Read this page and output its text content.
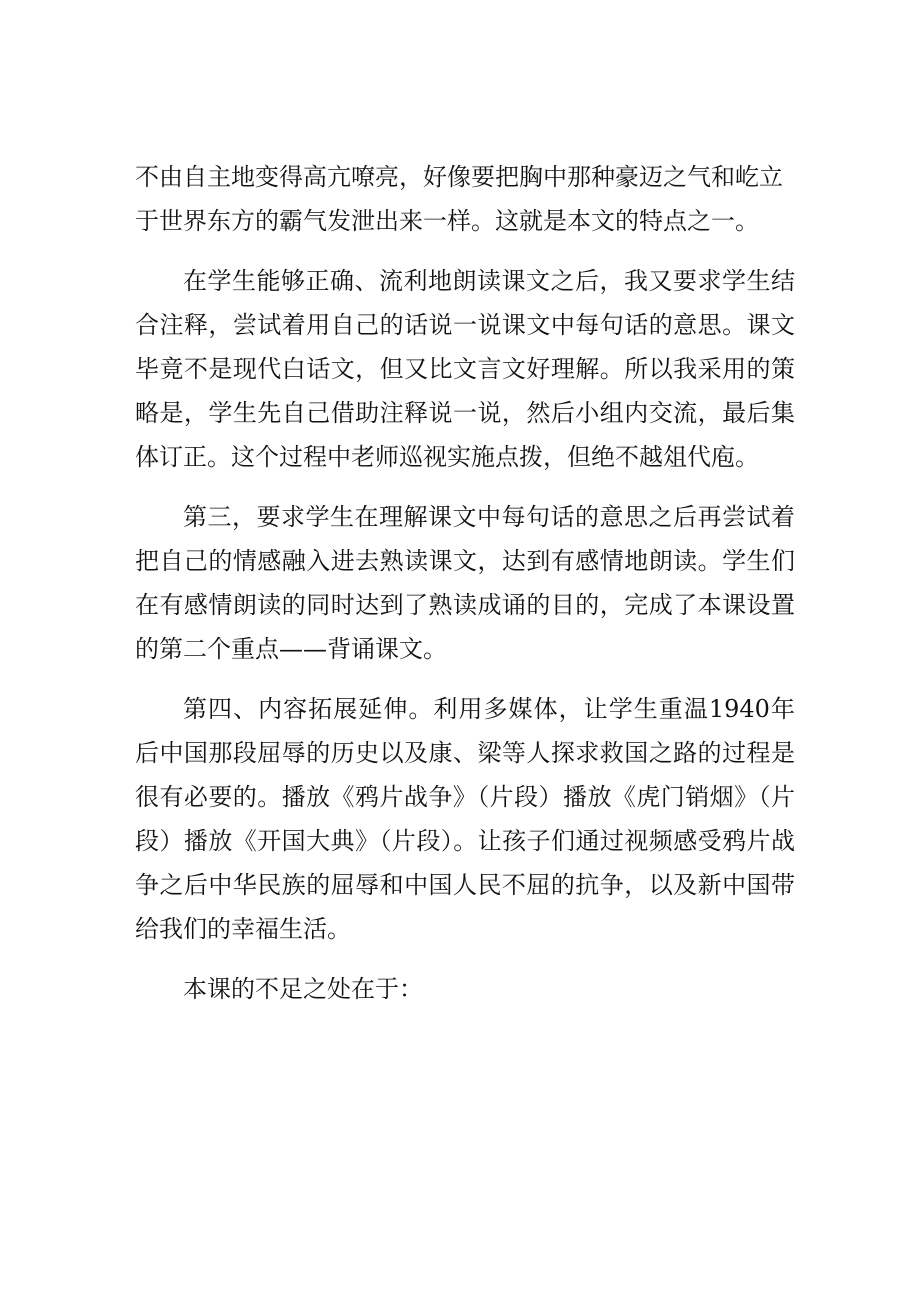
不由自主地变得高亢嘹亮，好像要把胸中那种豪迈之气和屹立
于世界东方的霸气发泄出来一样。这就是本文的特点之一。

在学生能够正确、流利地朗读课文之后，我又要求学生结合注释，尝试着用自己的话说一说课文中每句话的意思。课文毕竟不是现代白话文，但又比文言文好理解。所以我采用的策略是，学生先自己借助注释说一说，然后小组内交流，最后集体订正。这个过程中老师巡视实施点拨，但绝不越俎代庖。

第三，要求学生在理解课文中每句话的意思之后再尝试着把自己的情感融入进去熟读课文，达到有感情地朗读。学生们在有感情朗读的同时达到了熟读成诵的目的，完成了本课设置的第二个重点——背诵课文。

第四、内容拓展延伸。利用多媒体，让学生重温1940年后中国那段屈辱的历史以及康、梁等人探求救国之路的过程是很有必要的。播放《鸦片战争》（片段）播放《虎门销烟》（片段）播放《开国大典》（片段）。让孩子们通过视频感受鸦片战争之后中华民族的屈辱和中国人民不屈的抗争，以及新中国带给我们的幸福生活。

本课的不足之处在于：
